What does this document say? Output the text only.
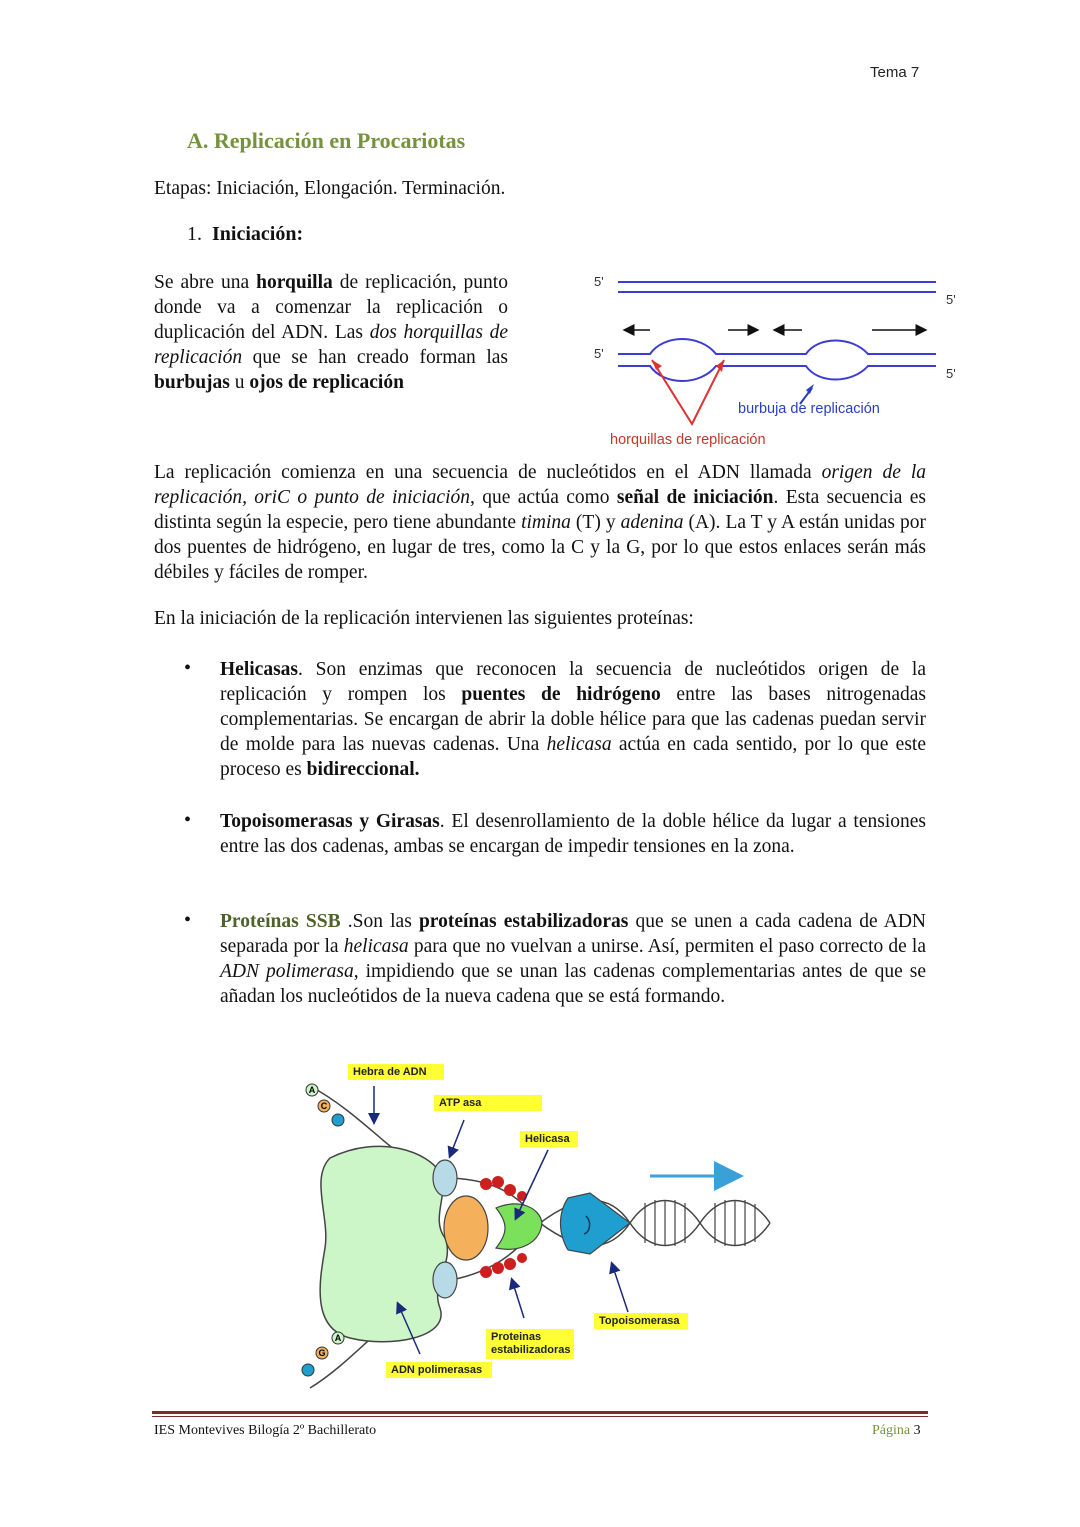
Tema 7
A. Replicación en Procariotas
Etapas: Iniciación, Elongación. Terminación.
1. Iniciación:
Se abre una horquilla de replicación, punto donde va a comenzar la replicación o duplicación del ADN. Las dos horquillas de replicación que se han creado forman las burbujas u ojos de replicación
5'
5'
5'
5'
burbuja de replicación
horquillas de replicación
La replicación comienza en una secuencia de nucleótidos en el ADN llamada origen de la replicación, oriC o punto de iniciación, que actúa como señal de iniciación. Esta secuencia es distinta según la especie, pero tiene abundante timina (T) y adenina (A). La T y A están unidas por dos puentes de hidrógeno, en lugar de tres, como la C y la G, por lo que estos enlaces serán más débiles y fáciles de romper.
En la iniciación de la replicación intervienen las siguientes proteínas:
• Helicasas. Son enzimas que reconocen la secuencia de nucleótidos origen de la replicación y rompen los puentes de hidrógeno entre las bases nitrogenadas complementarias. Se encargan de abrir la doble hélice para que las cadenas puedan servir de molde para las nuevas cadenas. Una helicasa actúa en cada sentido, por lo que este proceso es bidireccional.
• Topoisomerasas y Girasas. El desenrollamiento de la doble hélice da lugar a tensiones entre las dos cadenas, ambas se encargan de impedir tensiones en la zona.
• Proteínas SSB .Son las proteínas estabilizadoras que se unen a cada cadena de ADN separada por la helicasa para que no vuelvan a unirse. Así, permiten el paso correcto de la ADN polimerasa, impidiendo que se unan las cadenas complementarias antes de que se añadan los nucleótidos de la nueva cadena que se está formando.
A
C
A
G
Hebra de ADN
ATP asa
Helicasa
Topoisomerasa
Proteinas estabilizadoras
ADN polimerasas
IES Montevives Bilogía 2º Bachillerato	Página 3
